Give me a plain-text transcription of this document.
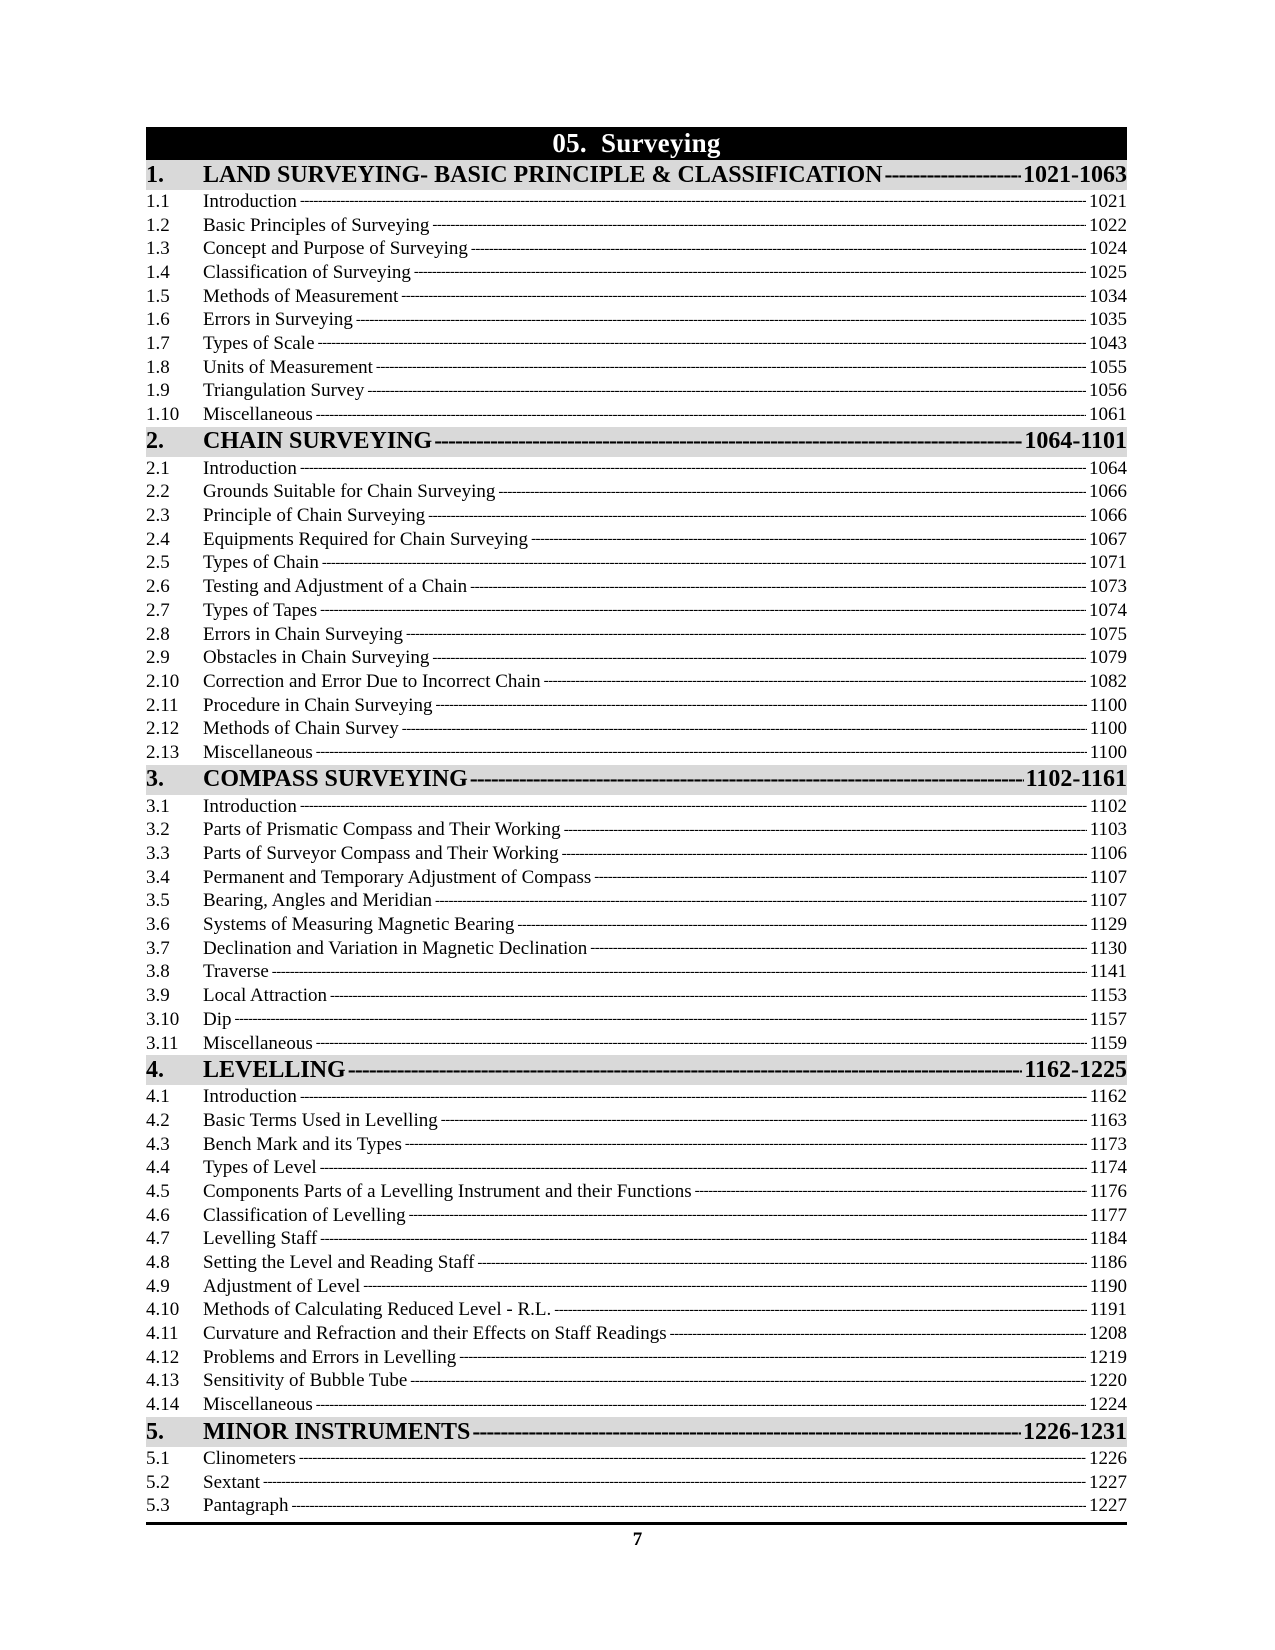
05. Surveying
1.	LAND SURVEYING- BASIC PRINCIPLE & CLASSIFICATION -----	1021-1063
1.1	Introduction -----	1021
1.2	Basic Principles of Surveying -----	1022
1.3	Concept and Purpose of Surveying -----	1024
1.4	Classification of Surveying -----	1025
1.5	Methods of Measurement -----	1034
1.6	Errors in Surveying -----	1035
1.7	Types of Scale -----	1043
1.8	Units of Measurement -----	1055
1.9	Triangulation Survey -----	1056
1.10	Miscellaneous -----	1061
2.	CHAIN SURVEYING -----	1064-1101
2.1	Introduction -----	1064
2.2	Grounds Suitable for Chain Surveying -----	1066
2.3	Principle of Chain Surveying -----	1066
2.4	Equipments Required for Chain Surveying -----	1067
2.5	Types of Chain -----	1071
2.6	Testing and Adjustment of a Chain -----	1073
2.7	Types of Tapes -----	1074
2.8	Errors in Chain Surveying -----	1075
2.9	Obstacles in Chain Surveying -----	1079
2.10	Correction and Error Due to Incorrect Chain -----	1082
2.11	Procedure in Chain Surveying -----	1100
2.12	Methods of Chain Survey -----	1100
2.13	Miscellaneous -----	1100
3.	COMPASS SURVEYING -----	1102-1161
3.1	Introduction -----	1102
3.2	Parts of Prismatic Compass and Their Working -----	1103
3.3	Parts of Surveyor Compass and Their Working -----	1106
3.4	Permanent and Temporary Adjustment of Compass -----	1107
3.5	Bearing, Angles and Meridian -----	1107
3.6	Systems of Measuring Magnetic Bearing -----	1129
3.7	Declination and Variation in Magnetic Declination -----	1130
3.8	Traverse -----	1141
3.9	Local Attraction -----	1153
3.10	Dip -----	1157
3.11	Miscellaneous -----	1159
4.	LEVELLING -----	1162-1225
4.1	Introduction -----	1162
4.2	Basic Terms Used in Levelling -----	1163
4.3	Bench Mark and its Types -----	1173
4.4	Types of Level -----	1174
4.5	Components Parts of a Levelling Instrument and their Functions -----	1176
4.6	Classification of Levelling -----	1177
4.7	Levelling Staff -----	1184
4.8	Setting the Level and Reading Staff -----	1186
4.9	Adjustment of Level -----	1190
4.10	Methods of Calculating Reduced Level - R.L. -----	1191
4.11	Curvature and Refraction and their Effects on Staff Readings -----	1208
4.12	Problems and Errors in Levelling -----	1219
4.13	Sensitivity of Bubble Tube -----	1220
4.14	Miscellaneous -----	1224
5.	MINOR INSTRUMENTS -----	1226-1231
5.1	Clinometers -----	1226
5.2	Sextant -----	1227
5.3	Pantagraph -----	1227
7
